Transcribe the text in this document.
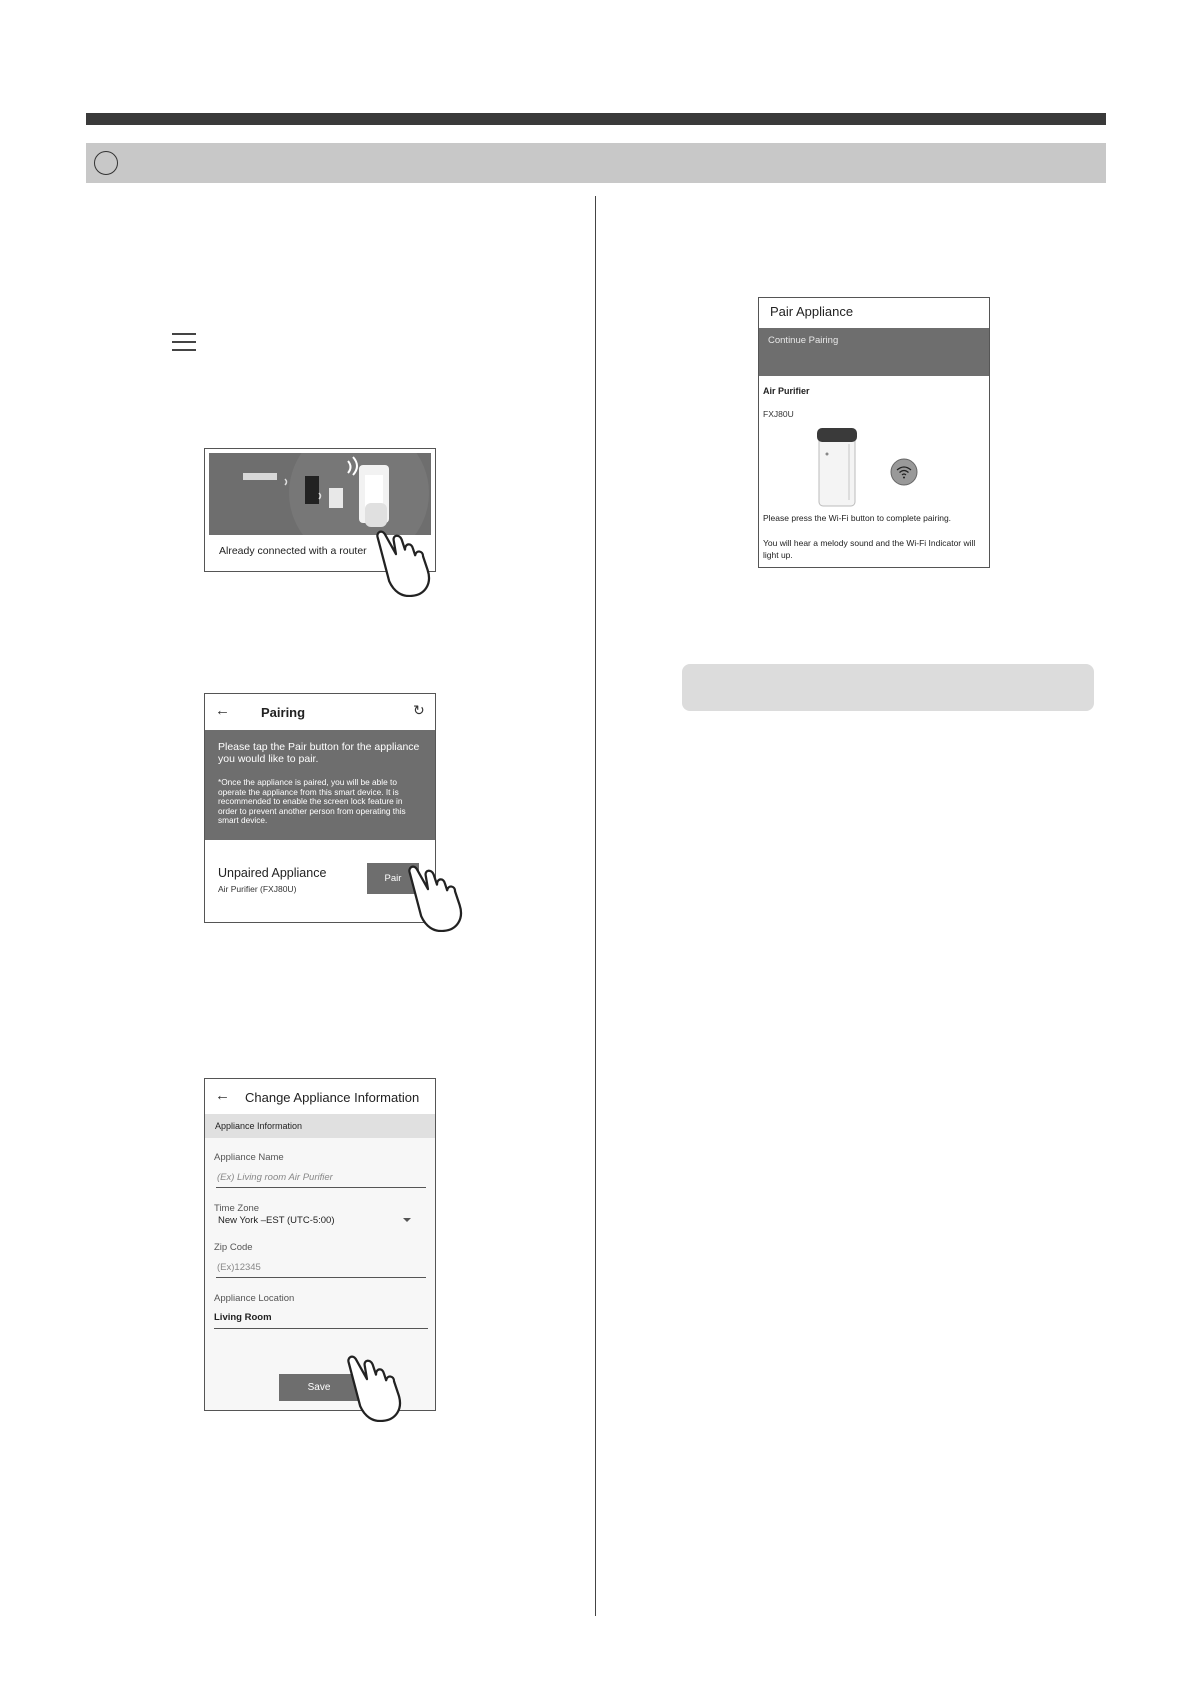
Already connected with a router
← Pairing	↻
Please tap the Pair button for the appliance you would like to pair.
*Once the appliance is paired, you will be able to operate the appliance from this smart device. It is recommended to enable the screen lock feature in order to prevent another person from operating this smart device.
Unpaired Appliance
Air Purifier (FXJ80U)
Pair
← Change Appliance Information
Appliance Information
Appliance Name
(Ex) Living room Air Purifier
Time Zone
New York –EST (UTC-5:00)
Zip Code
(Ex)12345
Appliance Location
Living Room
Save
Pair Appliance
Continue Pairing
Air Purifier
FXJ80U
Please press the Wi-Fi button to complete pairing.
You will hear a melody sound and the Wi-Fi Indicator will light up.
